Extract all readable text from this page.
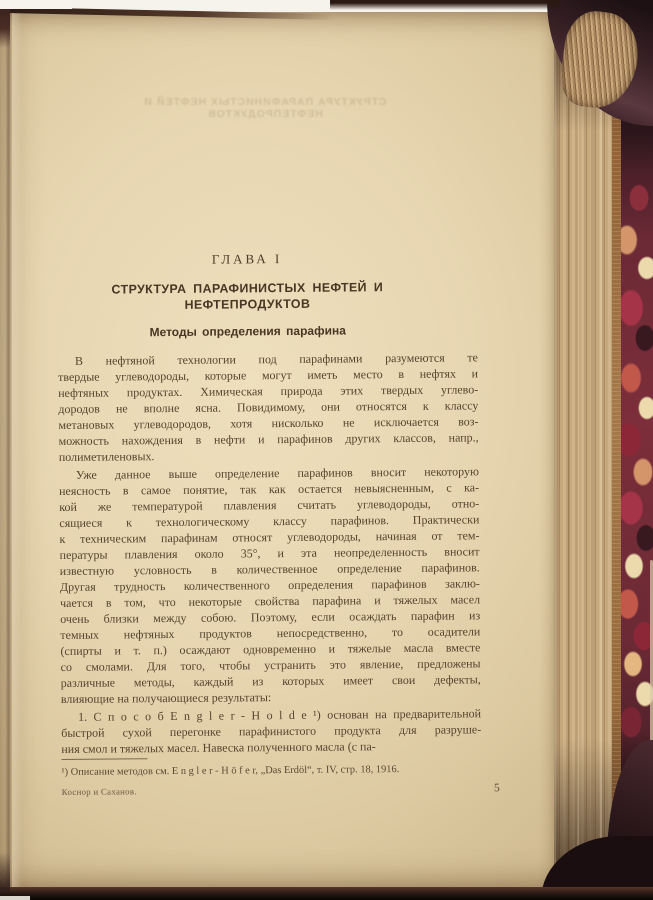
СТРУКТУРА ПАРАФИНИСТЫХ НЕФТЕЙ И НЕФТЕПРОДУКТОВ
ГЛАВА I
СТРУКТУРА ПАРАФИНИСТЫХ НЕФТЕЙ И НЕФТЕПРОДУКТОВ
Методы определения парафина
В нефтяной технологии под парафинами разумеются те
твердые углеводороды, которые могут иметь место в нефтях и
нефтяных продуктах. Химическая природа этих твердых углево-
дородов не вполне ясна. Повидимому, они относятся к классу
метановых углеводородов, хотя нисколько не исключается воз-
можность нахождения в нефти и парафинов других классов, напр.,
полиметиленовых.
Уже данное выше определение парафинов вносит некоторую
неясность в самое понятие, так как остается невыясненным, с ка-
кой же температурой плавления считать углеводороды, отно-
сящиеся к технологическому классу парафинов. Практически
к техническим парафинам относят углеводороды, начиная от тем-
пературы плавления около 35°, и эта неопределенность вносит
известную условность в количественное определение парафинов.
Другая трудность количественного определения парафинов заклю-
чается в том, что некоторые свойства парафина и тяжелых масел
очень близки между собою. Поэтому, если осаждать парафин из
темных нефтяных продуктов непосредственно, то осадители
(спирты и т. п.) осаждают одновременно и тяжелые масла вместе
со смолами. Для того, чтобы устранить это явление, предложены
различные методы, каждый из которых имеет свои дефекты,
влияющие на получающиеся результаты:
1. С п о с о б E n g l e r - H o l d e ¹) основан на предварительной
быстрой сухой перегонке парафинистого продукта для разруше-
ния смол и тяжелых масел. Навеска полученного масла (с па-
¹) Описание методов см. E n g l e r - H ö f e r, „Das Erdöl“, т. IV, стр. 18, 1916.
Коснор и Саханов.	5
